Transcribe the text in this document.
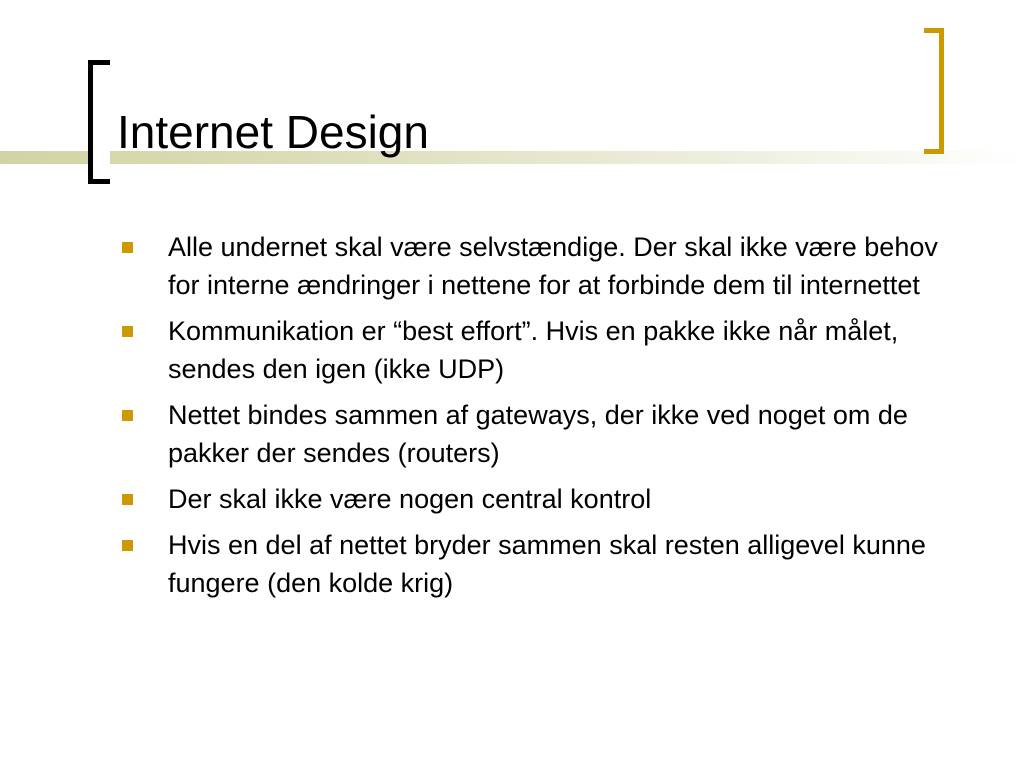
Internet Design
Alle undernet skal være selvstændige. Der skal ikke være behov for interne ændringer i nettene for at forbinde dem til internettet
Kommunikation er “best effort”. Hvis en pakke ikke når målet, sendes den igen (ikke UDP)
Nettet bindes sammen af gateways, der ikke ved noget om de pakker der sendes (routers)
Der skal ikke være nogen central kontrol
Hvis en del af nettet bryder sammen skal resten alligevel kunne fungere (den kolde krig)
